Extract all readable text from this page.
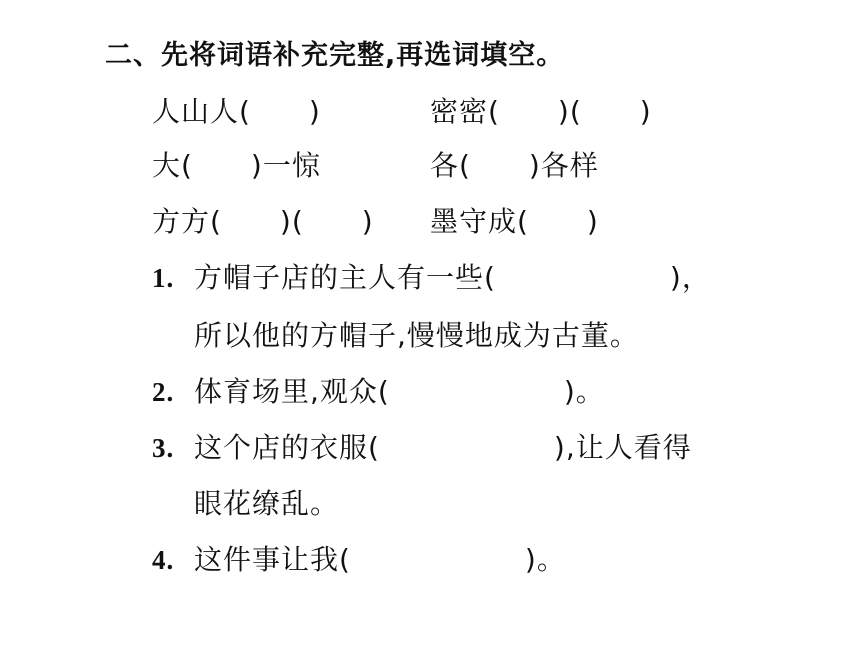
二、先将词语补充完整,再选词填空。
人山人(　　)	密密(　　)(　　)
大(　　)一惊	各(　　)各样
方方(　　)(　　) 墨守成(　　)
1. 方帽子店的主人有一些(　　　　　　)，
所以他的方帽子,慢慢地成为古董。
2. 体育场里,观众(　　　　　　)。
3. 这个店的衣服(　　　　　　),让人看得
眼花缭乱。
4. 这件事让我(　　　　　　)。
